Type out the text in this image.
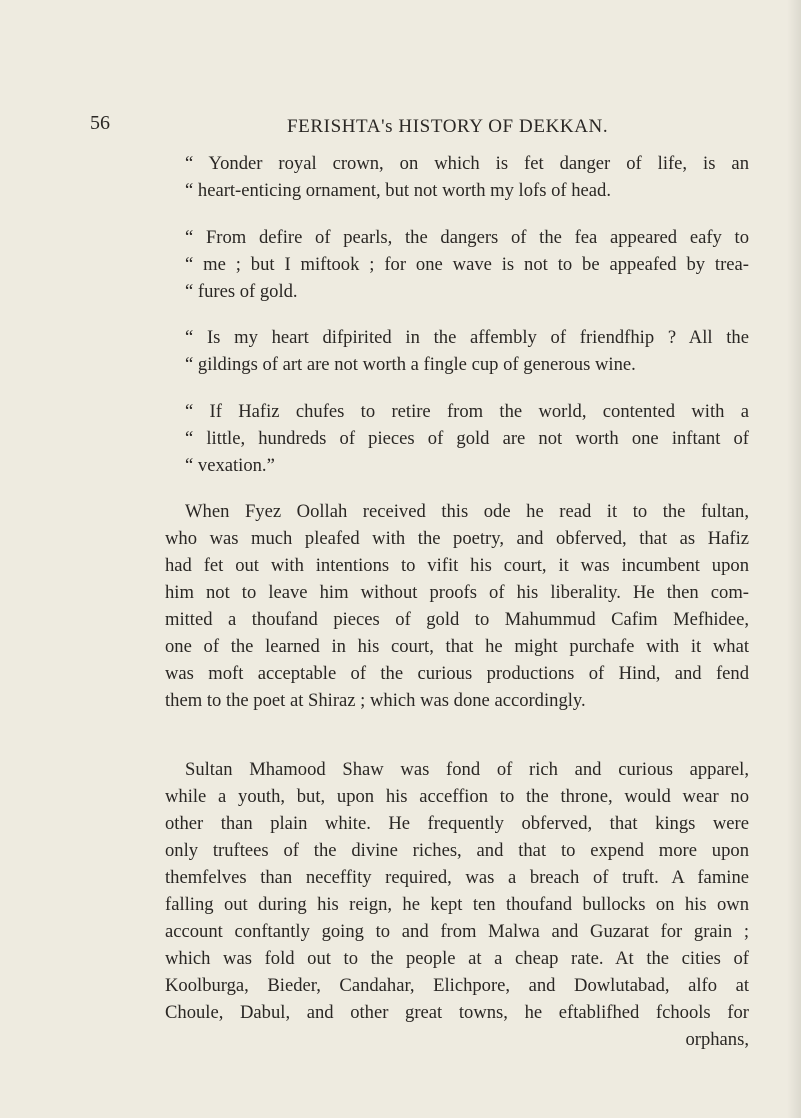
56	FERISHTA's HISTORY OF DEKKAN.
“ Yonder royal crown, on which is fet danger of life, is an
“ heart-enticing ornament, but not worth my lofs of head.
“ From defire of pearls, the dangers of the fea appeared eafy to
“ me ; but I miftook ; for one wave is not to be appeafed by trea-
“ fures of gold.
“ Is my heart difpirited in the affembly of friendfhip ? All the
“ gildings of art are not worth a fingle cup of generous wine.
“ If Hafiz chufes to retire from the world, contented with a
“ little, hundreds of pieces of gold are not worth one inftant of
“ vexation.”
When Fyez Oollah received this ode he read it to the fultan,
who was much pleafed with the poetry, and obferved, that as Hafiz
had fet out with intentions to vifit his court, it was incumbent upon
him not to leave him without proofs of his liberality. He then com-
mitted a thoufand pieces of gold to Mahummud Cafim Mefhidee,
one of the learned in his court, that he might purchafe with it what
was moft acceptable of the curious productions of Hind, and fend
them to the poet at Shiraz ; which was done accordingly.
Sultan Mhamood Shaw was fond of rich and curious apparel,
while a youth, but, upon his acceffion to the throne, would wear no
other than plain white. He frequently obferved, that kings were
only truftees of the divine riches, and that to expend more upon
themfelves than neceffity required, was a breach of truft. A famine
falling out during his reign, he kept ten thoufand bullocks on his own
account conftantly going to and from Malwa and Guzarat for grain ;
which was fold out to the people at a cheap rate. At the cities of
Koolburga, Bieder, Candahar, Elichpore, and Dowlutabad, alfo at
Choule, Dabul, and other great towns, he eftablifhed fchools for
orphans,
